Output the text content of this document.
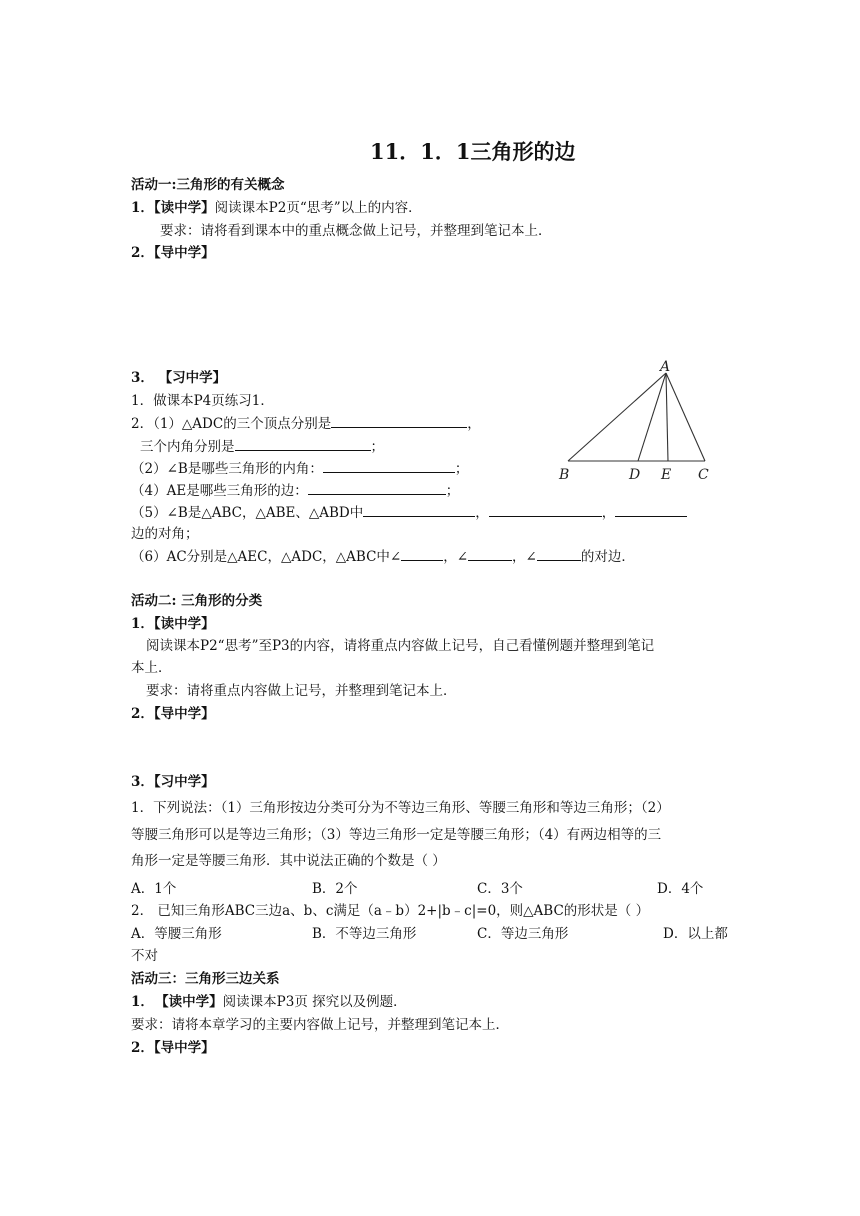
11．1．1三角形的边
活动一:三角形的有关概念
1．【读中学】阅读课本P2页“思考”以上的内容．
要求：请将看到课本中的重点概念做上记号，并整理到笔记本上．
2．【导中学】
3． 【习中学】
1．做课本P4页练习1．
2．（1）△ADC的三个顶点分别是	，
三个内角分别是	；
（2）∠B是哪些三角形的内角：	；
（4）AE是哪些三角形的边：	；
（5）∠B是△ABC，△ABE、△ABD中	，	，
边的对角；
（6）AC分别是△AEC，△ADC，△ABC中∠	，∠	，∠	的对边．
A
B	D E C
活动二: 三角形的分类
1．【读中学】
阅读课本P2“思考”至P3的内容，请将重点内容做上记号，自己看懂例题并整理到笔记
本上．
要求：请将重点内容做上记号，并整理到笔记本上．
2．【导中学】
3．【习中学】
1．下列说法：（1）三角形按边分类可分为不等边三角形、等腰三角形和等边三角形；（2）
等腰三角形可以是等边三角形；（3）等边三角形一定是等腰三角形；（4）有两边相等的三
角形一定是等腰三角形．其中说法正确的个数是（ ）
A．1个	B．2个	C．3个	D．4个
2． 已知三角形ABC三边a、b、c满足（a﹣b）2+|b﹣c|=0，则△ABC的形状是（ ）
A．等腰三角形	B．不等边三角形	C．等边三角形	D．以上都
不对
活动三：三角形三边关系
1． 【读中学】阅读课本P3页 探究以及例题．
要求：请将本章学习的主要内容做上记号，并整理到笔记本上．
2．【导中学】
